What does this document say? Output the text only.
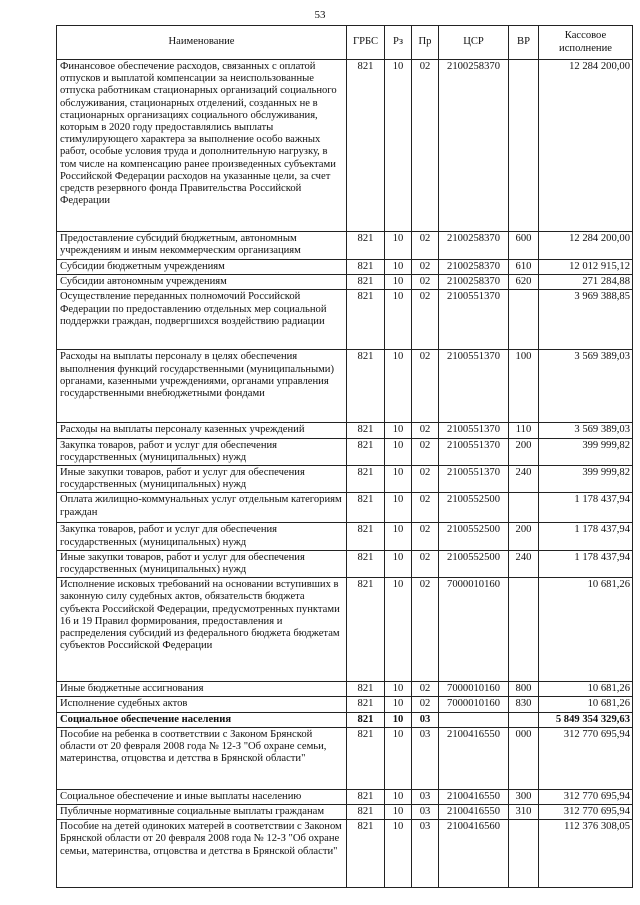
53
Наименование	ГРБС	Рз	Пр	ЦСР	ВР	Кассовое исполнение
Финансовое обеспечение расходов, связанных с оплатой отпусков и выплатой компенсации за неиспользованные отпуска работникам стационарных организаций социального обслуживания, стационарных отделений, созданных не в стационарных организациях социального обслуживания, которым в 2020 году предоставлялись выплаты стимулирующего характера за выполнение особо важных работ, особые условия труда и дополнительную нагрузку, в том числе на компенсацию ранее произведенных субъектами Российской Федерации расходов на указанные цели, за счет средств резервного фонда Правительства Российской Федерации	821	10	02	2100258370		12 284 200,00
Предоставление субсидий бюджетным, автономным учреждениям и иным некоммерческим организациям	821	10	02	2100258370	600	12 284 200,00
Субсидии бюджетным учреждениям	821	10	02	2100258370	610	12 012 915,12
Субсидии автономным учреждениям	821	10	02	2100258370	620	271 284,88
Осуществление переданных полномочий Российской Федерации по предоставлению отдельных мер социальной поддержки граждан, подвергшихся воздействию радиации	821	10	02	2100551370		3 969 388,85
Расходы на выплаты персоналу в целях обеспечения выполнения функций государственными (муниципальными) органами, казенными учреждениями, органами управления государственными внебюджетными фондами	821	10	02	2100551370	100	3 569 389,03
Расходы на выплаты персоналу казенных учреждений	821	10	02	2100551370	110	3 569 389,03
Закупка товаров, работ и услуг для обеспечения государственных (муниципальных) нужд	821	10	02	2100551370	200	399 999,82
Иные закупки товаров, работ и услуг для обеспечения государственных (муниципальных) нужд	821	10	02	2100551370	240	399 999,82
Оплата жилищно-коммунальных услуг отдельным категориям граждан	821	10	02	2100552500		1 178 437,94
Закупка товаров, работ и услуг для обеспечения государственных (муниципальных) нужд	821	10	02	2100552500	200	1 178 437,94
Иные закупки товаров, работ и услуг для обеспечения государственных (муниципальных) нужд	821	10	02	2100552500	240	1 178 437,94
Исполнение исковых требований на основании вступивших в законную силу судебных актов, обязательств бюджета субъекта Российской Федерации, предусмотренных пунктами 16 и 19 Правил формирования, предоставления и распределения субсидий из федерального бюджета бюджетам субъектов Российской Федерации	821	10	02	7000010160		10 681,26
Иные бюджетные ассигнования	821	10	02	7000010160	800	10 681,26
Исполнение судебных актов	821	10	02	7000010160	830	10 681,26
Социальное обеспечение населения	821	10	03			5 849 354 329,63
Пособие на ребенка в соответствии с Законом Брянской области от 20 февраля 2008 года № 12-З "Об охране семьи, материнства, отцовства и детства в Брянской области"	821	10	03	2100416550	000	312 770 695,94
Социальное обеспечение и иные выплаты населению	821	10	03	2100416550	300	312 770 695,94
Публичные нормативные социальные выплаты гражданам	821	10	03	2100416550	310	312 770 695,94
Пособие на детей одиноких матерей в соответствии с Законом Брянской области от 20 февраля 2008 года № 12-З "Об охране семьи, материнства, отцовства и детства в Брянской области"	821	10	03	2100416560		112 376 308,05
